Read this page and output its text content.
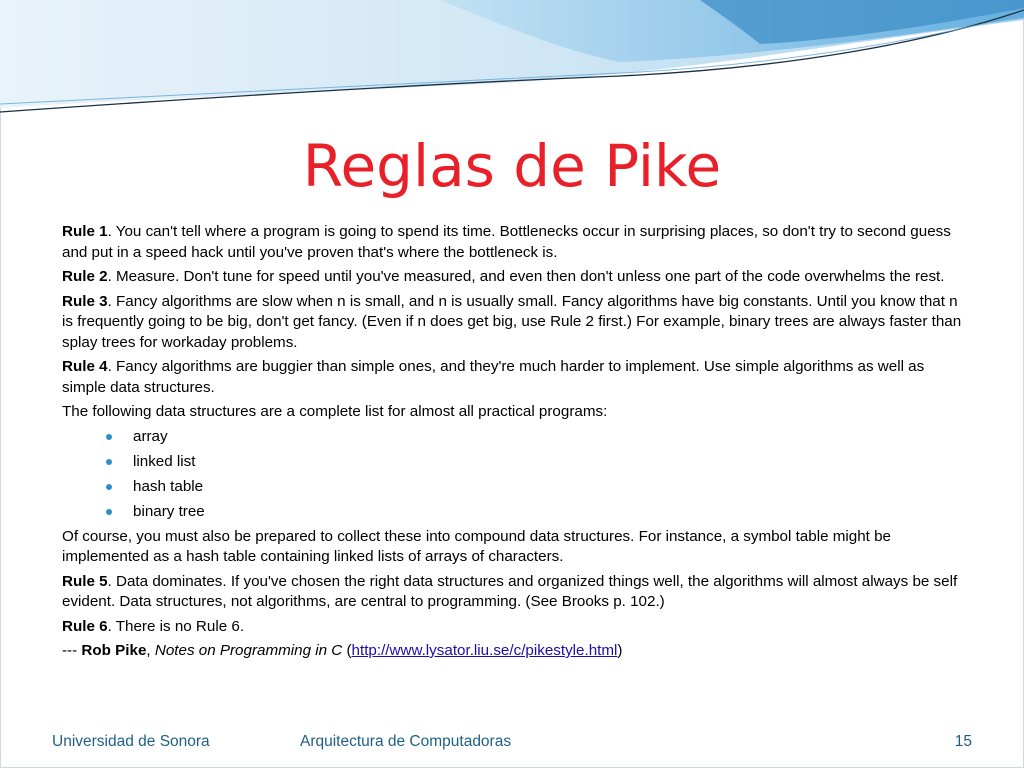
Reglas de Pike

Rule 1. You can't tell where a program is going to spend its time. Bottlenecks occur in surprising places, so don't try to second guess and put in a speed hack until you've proven that's where the bottleneck is.

Rule 2. Measure. Don't tune for speed until you've measured, and even then don't unless one part of the code overwhelms the rest.

Rule 3. Fancy algorithms are slow when n is small, and n is usually small. Fancy algorithms have big constants. Until you know that n is frequently going to be big, don't get fancy. (Even if n does get big, use Rule 2 first.) For example, binary trees are always faster than splay trees for workaday problems.

Rule 4. Fancy algorithms are buggier than simple ones, and they're much harder to implement. Use simple algorithms as well as simple data structures.

The following data structures are a complete list for almost all practical programs:

array
linked list
hash table
binary tree

Of course, you must also be prepared to collect these into compound data structures. For instance, a symbol table might be implemented as a hash table containing linked lists of arrays of characters.

Rule 5. Data dominates. If you've chosen the right data structures and organized things well, the algorithms will almost always be self evident. Data structures, not algorithms, are central to programming. (See Brooks p. 102.)

Rule 6. There is no Rule 6.

--- Rob Pike, Notes on Programming in C (http://www.lysator.liu.se/c/pikestyle.html)

Universidad de Sonora	Arquitectura de Computadoras	15
